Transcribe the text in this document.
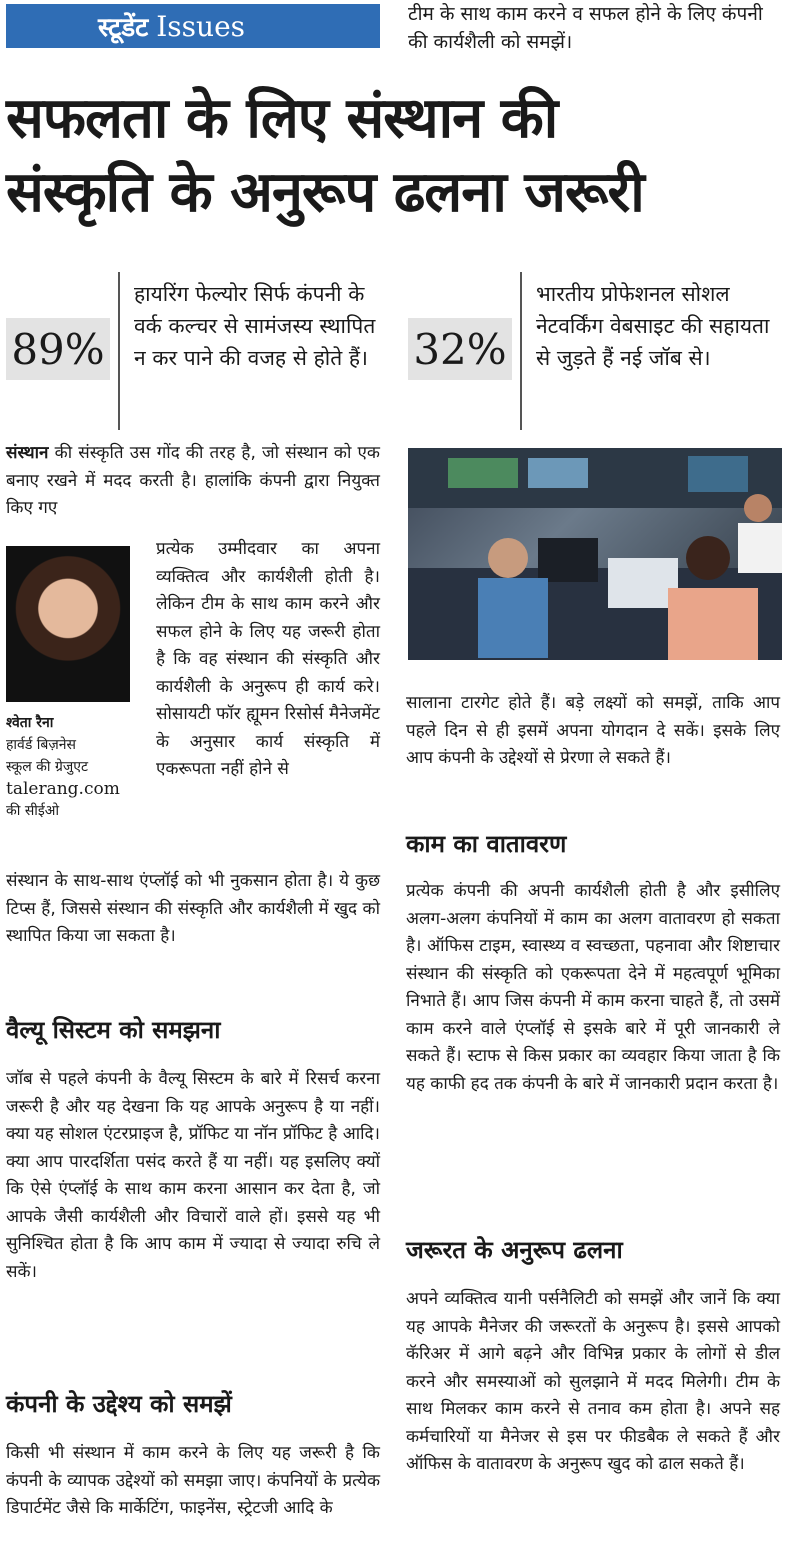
स्टूडेंट Issues	टीम के साथ काम करने व सफल होने के लिए कंपनी की कार्यशैली को समझें।
सफलता के लिए संस्थान की
संस्कृति के अनुरूप ढलना जरूरी
89%
हायरिंग फेल्योर सिर्फ कंपनी के वर्क कल्चर से सामंजस्य स्थापित न कर पाने की वजह से होते हैं। 32%
भारतीय प्रोफेशनल सोशल नेटवर्किंग वेबसाइट की सहायता से जुड़ते हैं नई जॉब से।
संस्थान की संस्कृति उस गोंद की तरह है, जो संस्थान को एक बनाए रखने में मदद करती है। हालांकि कंपनी द्वारा नियुक्त किए गए
श्वेता रैना
हार्वर्ड बिज़नेस
स्कूल की ग्रेजुएट
talerang.com
की सीईओ
प्रत्येक उम्मीदवार का अपना व्यक्तित्व और कार्यशैली होती है। लेकिन टीम के साथ काम करने और सफल होने के लिए यह जरूरी होता है कि वह संस्थान की संस्कृति और कार्यशैली के अनुरूप ही कार्य करे। सोसायटी फॉर ह्यूमन रिसोर्स मैनेजमेंट के अनुसार कार्य संस्कृति में एकरूपता नहीं होने से
संस्थान के साथ-साथ एंप्लॉई को भी नुकसान होता है। ये कुछ टिप्स हैं, जिससे संस्थान की संस्कृति और कार्यशैली में खुद को स्थापित किया जा सकता है।
वैल्यू सिस्टम को समझना
जॉब से पहले कंपनी के वैल्यू सिस्टम के बारे में रिसर्च करना जरूरी है और यह देखना कि यह आपके अनुरूप है या नहीं। क्या यह सोशल एंटरप्राइज है, प्रॉफिट या नॉन प्रॉफिट है आदि। क्या आप पारदर्शिता पसंद करते हैं या नहीं। यह इसलिए क्यों कि ऐसे एंप्लॉई के साथ काम करना आसान कर देता है, जो आपके जैसी कार्यशैली और विचारों वाले हों। इससे यह भी सुनिश्चित होता है कि आप काम में ज्यादा से ज्यादा रुचि ले सकें।
कंपनी के उद्देश्य को समझें
किसी भी संस्थान में काम करने के लिए यह जरूरी है कि कंपनी के व्यापक उद्देश्यों को समझा जाए। कंपनियों के प्रत्येक डिपार्टमेंट जैसे कि मार्केटिंग, फाइनेंस, स्ट्रेटजी आदि के
सालाना टारगेट होते हैं। बड़े लक्ष्यों को समझें, ताकि आप पहले दिन से ही इसमें अपना योगदान दे सकें। इसके लिए आप कंपनी के उद्देश्यों से प्रेरणा ले सकते हैं।
काम का वातावरण
प्रत्येक कंपनी की अपनी कार्यशैली होती है और इसीलिए अलग-अलग कंपनियों में काम का अलग वातावरण हो सकता है। ऑफिस टाइम, स्वास्थ्य व स्वच्छता, पहनावा और शिष्टाचार संस्थान की संस्कृति को एकरूपता देने में महत्वपूर्ण भूमिका निभाते हैं। आप जिस कंपनी में काम करना चाहते हैं, तो उसमें काम करने वाले एंप्लॉई से इसके बारे में पूरी जानकारी ले सकते हैं। स्टाफ से किस प्रकार का व्यवहार किया जाता है कि यह काफी हद तक कंपनी के बारे में जानकारी प्रदान करता है।
जरूरत के अनुरूप ढलना
अपने व्यक्तित्व यानी पर्सनैलिटी को समझें और जानें कि क्या यह आपके मैनेजर की जरूरतों के अनुरूप है। इससे आपको कॅरिअर में आगे बढ़ने और विभिन्न प्रकार के लोगों से डील करने और समस्याओं को सुलझाने में मदद मिलेगी। टीम के साथ मिलकर काम करने से तनाव कम होता है। अपने सह कर्मचारियों या मैनेजर से इस पर फीडबैक ले सकते हैं और ऑफिस के वातावरण के अनुरूप खुद को ढाल सकते हैं।
